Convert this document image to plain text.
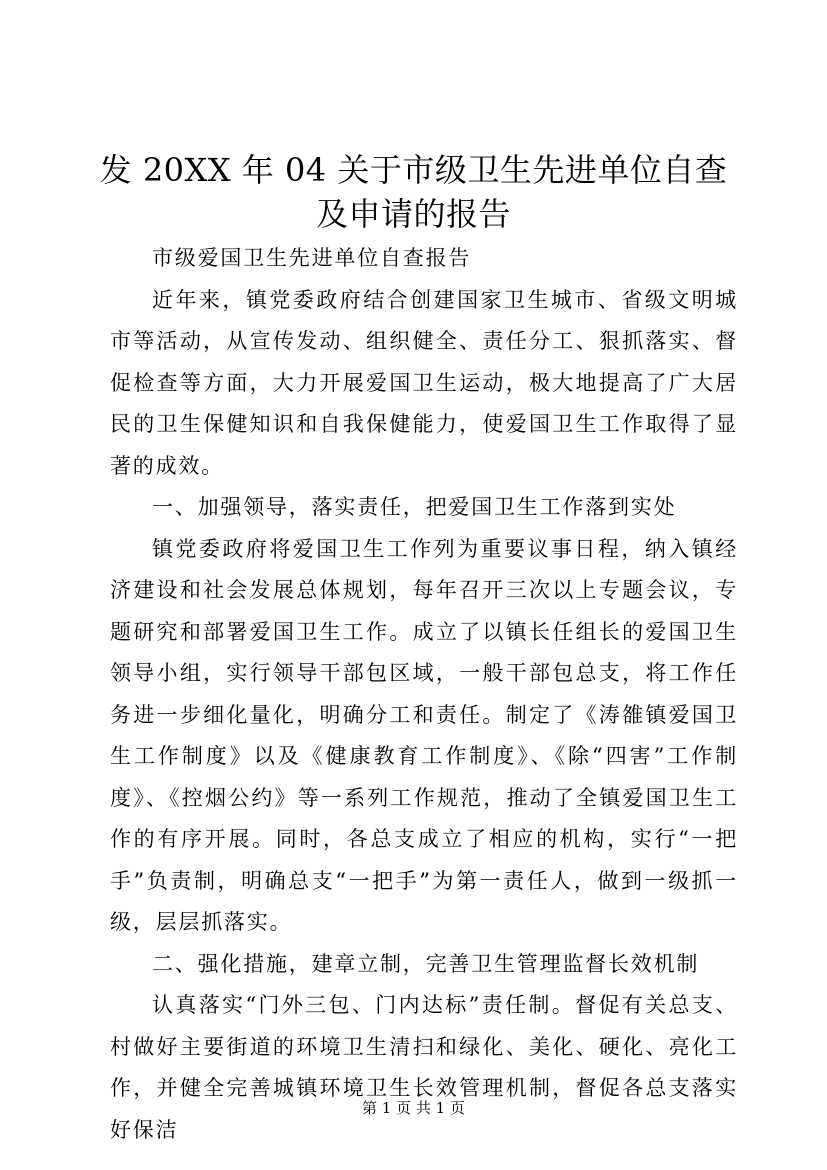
发 20XX 年 04 关于市级卫生先进单位自查及申请的报告

市级爱国卫生先进单位自查报告

近年来，镇党委政府结合创建国家卫生城市、省级文明城市等活动，从宣传发动、组织健全、责任分工、狠抓落实、督促检查等方面，大力开展爱国卫生运动，极大地提高了广大居民的卫生保健知识和自我保健能力，使爱国卫生工作取得了显著的成效。

一、加强领导，落实责任，把爱国卫生工作落到实处

镇党委政府将爱国卫生工作列为重要议事日程，纳入镇经济建设和社会发展总体规划，每年召开三次以上专题会议，专题研究和部署爱国卫生工作。成立了以镇长任组长的爱国卫生领导小组，实行领导干部包区域，一般干部包总支，将工作任务进一步细化量化，明确分工和责任。制定了《涛雒镇爱国卫生工作制度》以及《健康教育工作制度》、《除“四害”工作制度》、《控烟公约》等一系列工作规范，推动了全镇爱国卫生工作的有序开展。同时，各总支成立了相应的机构，实行“一把手”负责制，明确总支“一把手”为第一责任人，做到一级抓一级，层层抓落实。

二、强化措施，建章立制，完善卫生管理监督长效机制

认真落实“门外三包、门内达标”责任制。督促有关总支、村做好主要街道的环境卫生清扫和绿化、美化、硬化、亮化工作，并健全完善城镇环境卫生长效管理机制，督促各总支落实好保洁

第 1 页 共 1 页
